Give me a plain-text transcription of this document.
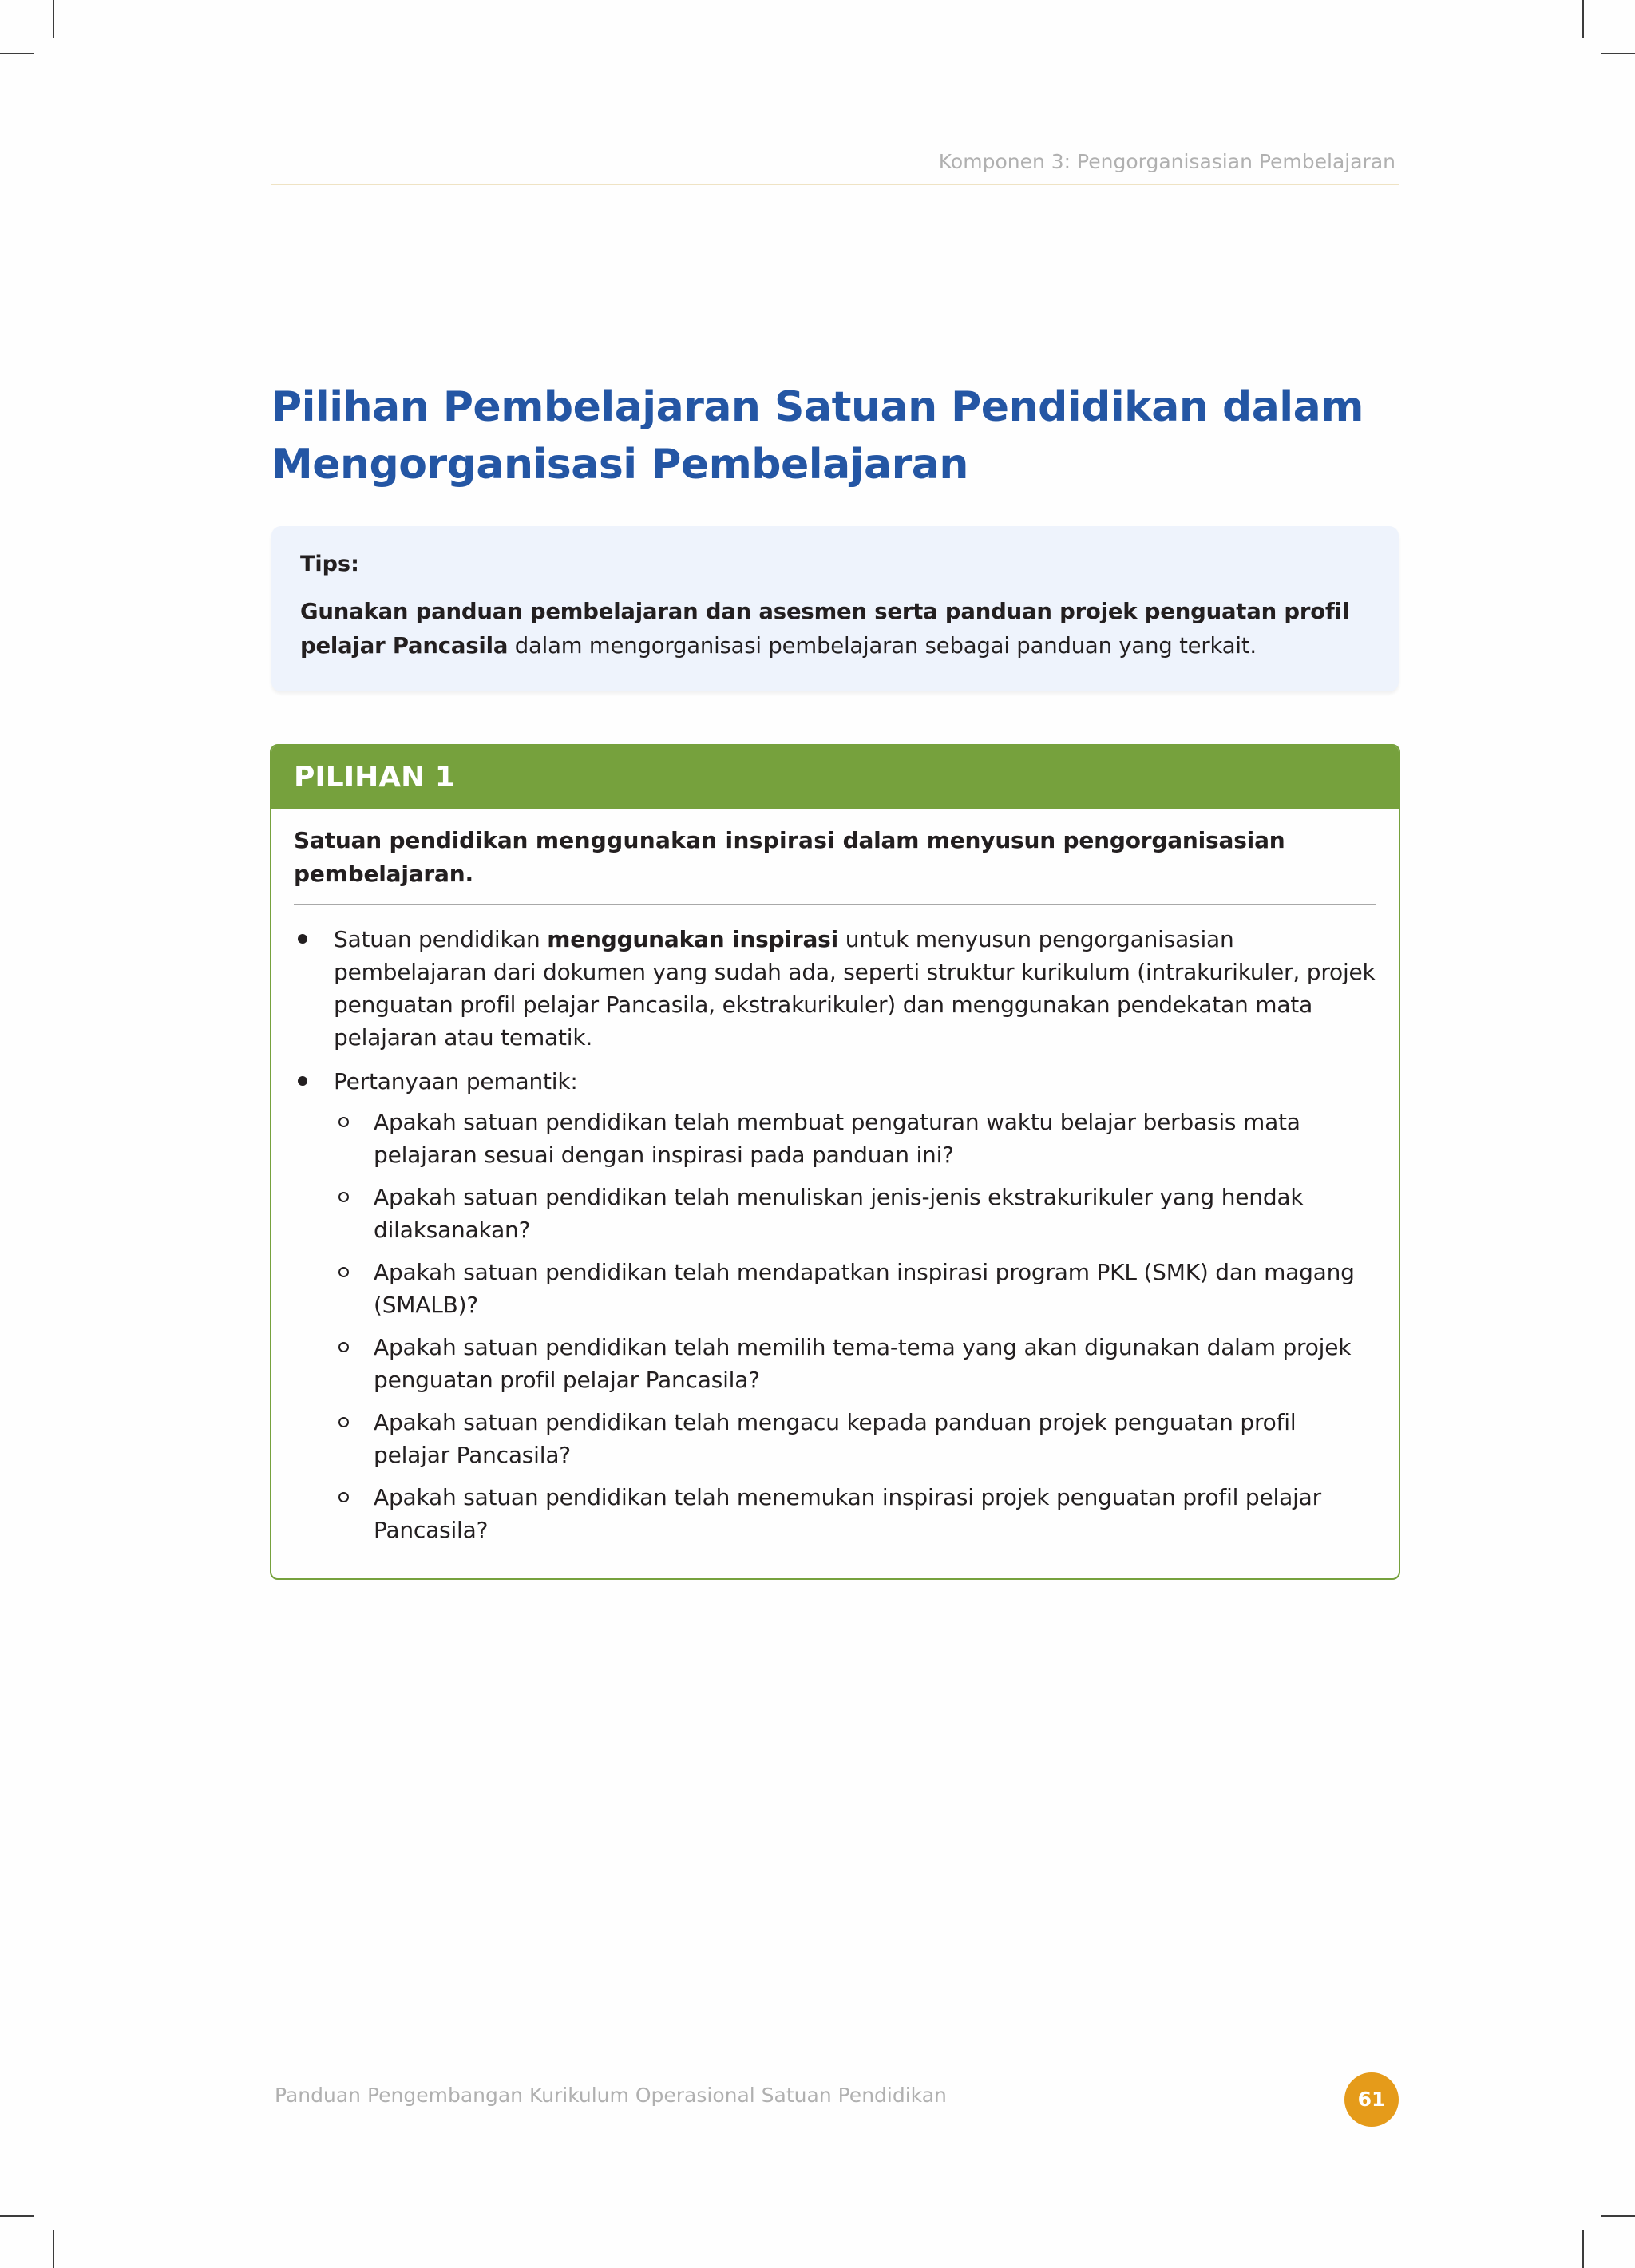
Komponen 3: Pengorganisasian Pembelajaran
Pilihan Pembelajaran Satuan Pendidikan dalam
Mengorganisasi Pembelajaran
Tips:
Gunakan panduan pembelajaran dan asesmen serta panduan projek penguatan profil pelajar Pancasila dalam mengorganisasi pembelajaran sebagai panduan yang terkait.
PILIHAN 1
Satuan pendidikan menggunakan inspirasi dalam menyusun pengorganisasian pembelajaran.
Satuan pendidikan menggunakan inspirasi untuk menyusun pengorganisasian pembelajaran dari dokumen yang sudah ada, seperti struktur kurikulum (intrakurikuler, projek penguatan profil pelajar Pancasila, ekstrakurikuler) dan menggunakan pendekatan mata pelajaran atau tematik.
Pertanyaan pemantik:
Apakah satuan pendidikan telah membuat pengaturan waktu belajar berbasis mata pelajaran sesuai dengan inspirasi pada panduan ini?
Apakah satuan pendidikan telah menuliskan jenis-jenis ekstrakurikuler yang hendak dilaksanakan?
Apakah satuan pendidikan telah mendapatkan inspirasi program PKL (SMK) dan magang (SMALB)?
Apakah satuan pendidikan telah memilih tema-tema yang akan digunakan dalam projek penguatan profil pelajar Pancasila?
Apakah satuan pendidikan telah mengacu kepada panduan projek penguatan profil pelajar Pancasila?
Apakah satuan pendidikan telah menemukan inspirasi projek penguatan profil pelajar Pancasila?
Panduan Pengembangan Kurikulum Operasional Satuan Pendidikan	61
